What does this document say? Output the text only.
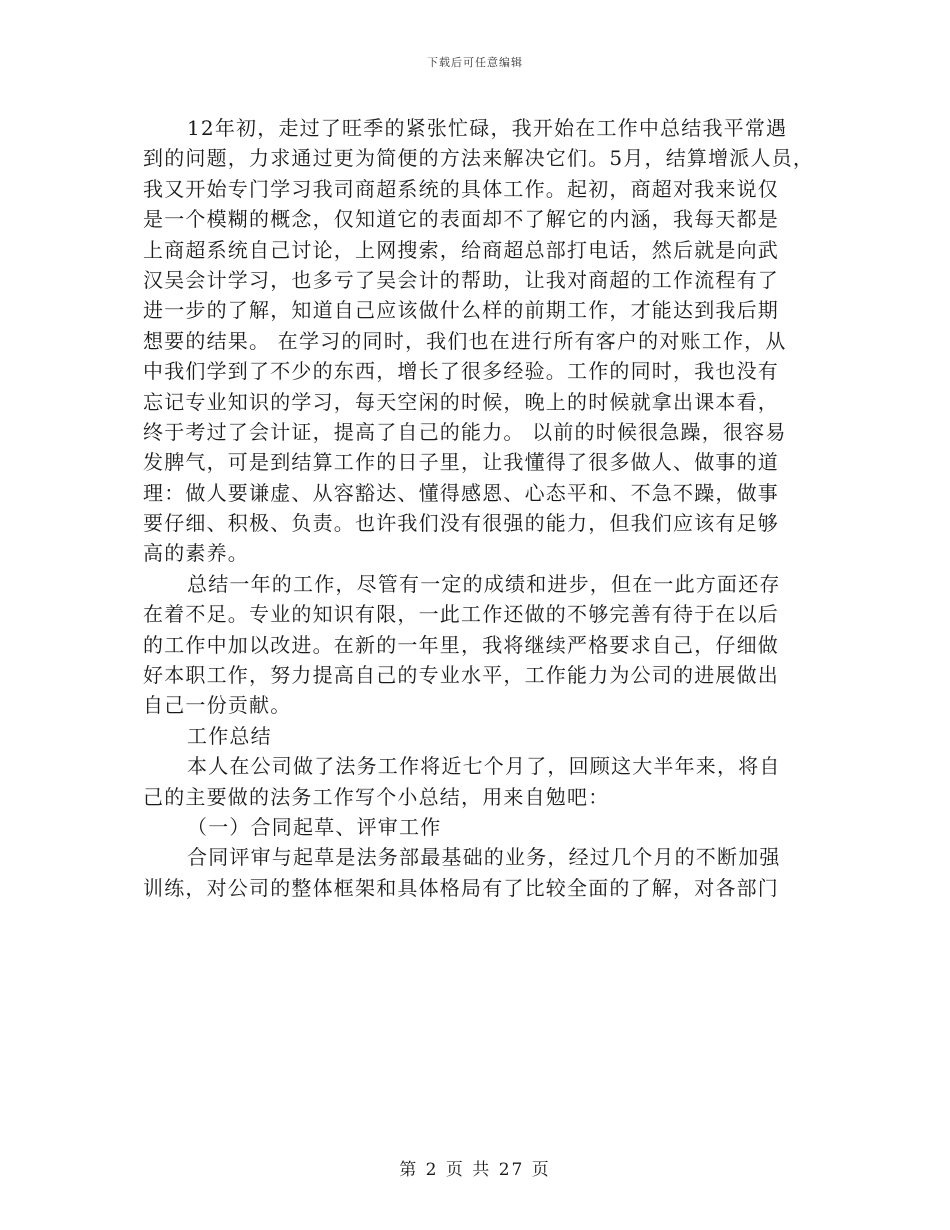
下载后可任意编辑
12年初，走过了旺季的紧张忙碌，我开始在工作中总结我平常遇
到的问题，力求通过更为简便的方法来解决它们。5月，结算增派人员，
我又开始专门学习我司商超系统的具体工作。起初，商超对我来说仅
是一个模糊的概念，仅知道它的表面却不了解它的内涵，我每天都是
上商超系统自己讨论，上网搜索，给商超总部打电话，然后就是向武
汉吴会计学习，也多亏了吴会计的帮助，让我对商超的工作流程有了
进一步的了解，知道自己应该做什么样的前期工作，才能达到我后期
想要的结果。 在学习的同时，我们也在进行所有客户的对账工作，从
中我们学到了不少的东西，增长了很多经验。工作的同时，我也没有
忘记专业知识的学习，每天空闲的时候，晚上的时候就拿出课本看，
终于考过了会计证，提高了自己的能力。 以前的时候很急躁，很容易
发脾气，可是到结算工作的日子里，让我懂得了很多做人、做事的道
理：做人要谦虚、从容豁达、懂得感恩、心态平和、不急不躁，做事
要仔细、积极、负责。也许我们没有很强的能力，但我们应该有足够
高的素养。
总结一年的工作，尽管有一定的成绩和进步，但在一此方面还存
在着不足。专业的知识有限，一此工作还做的不够完善有待于在以后
的工作中加以改进。在新的一年里，我将继续严格要求自己，仔细做
好本职工作，努力提高自己的专业水平，工作能力为公司的进展做出
自己一份贡献。
工作总结
本人在公司做了法务工作将近七个月了，回顾这大半年来，将自
己的主要做的法务工作写个小总结，用来自勉吧：
（一）合同起草、评审工作
合同评审与起草是法务部最基础的业务，经过几个月的不断加强
训练，对公司的整体框架和具体格局有了比较全面的了解，对各部门
第 2 页 共 27 页
